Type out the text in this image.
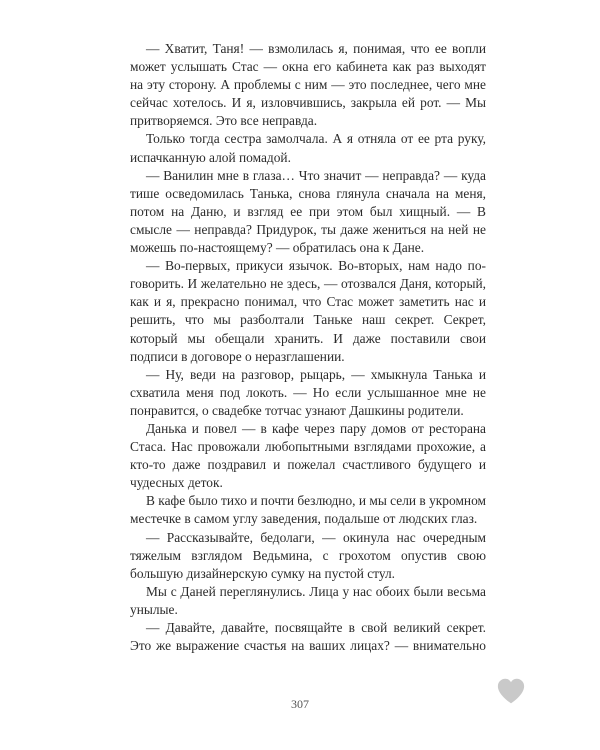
— Хватит, Таня! — взмолилась я, понимая, что ее вопли может услышать Стас — окна его кабинета как раз выходят на эту сторону. А проблемы с ним — это последнее, чего мне сейчас хотелось. И я, изловчившись, закрыла ей рот. — Мы притворяемся. Это все неправда.

Только тогда сестра замолчала. А я отняла от ее рта руку, испачканную алой помадой.

— Ванилин мне в глаза… Что значит — неправда? — куда тише осведомилась Танька, снова глянула сначала на меня, потом на Даню, и взгляд ее при этом был хищный. — В смысле — неправда? Придурок, ты даже жениться на ней не можешь по-настоящему? — обратилась она к Дане.

— Во-первых, прикуси язычок. Во-вторых, нам надо поговорить. И желательно не здесь, — отозвался Даня, который, как и я, прекрасно понимал, что Стас может заметить нас и решить, что мы разболтали Таньке наш секрет. Секрет, который мы обещали хранить. И даже поставили свои подписи в договоре о неразглашении.

— Ну, веди на разговор, рыцарь, — хмыкнула Танька и схватила меня под локоть. — Но если услышанное мне не понравится, о свадебке тотчас узнают Дашкины родители.

Данька и повел — в кафе через пару домов от ресторана Стаса. Нас провожали любопытными взглядами прохожие, а кто-то даже поздравил и пожелал счастливого будущего и чудесных деток.

В кафе было тихо и почти безлюдно, и мы сели в укромном местечке в самом углу заведения, подальше от людских глаз.

— Рассказывайте, бедолаги, — окинула нас очередным тяжелым взглядом Ведьмина, с грохотом опустив свою большую дизайнерскую сумку на пустой стул.

Мы с Даней переглянулись. Лица у нас обоих были весьма унылые.

— Давайте, давайте, посвящайте в свой великий секрет. Это же выражение счастья на ваших лицах? — внимательно

307
